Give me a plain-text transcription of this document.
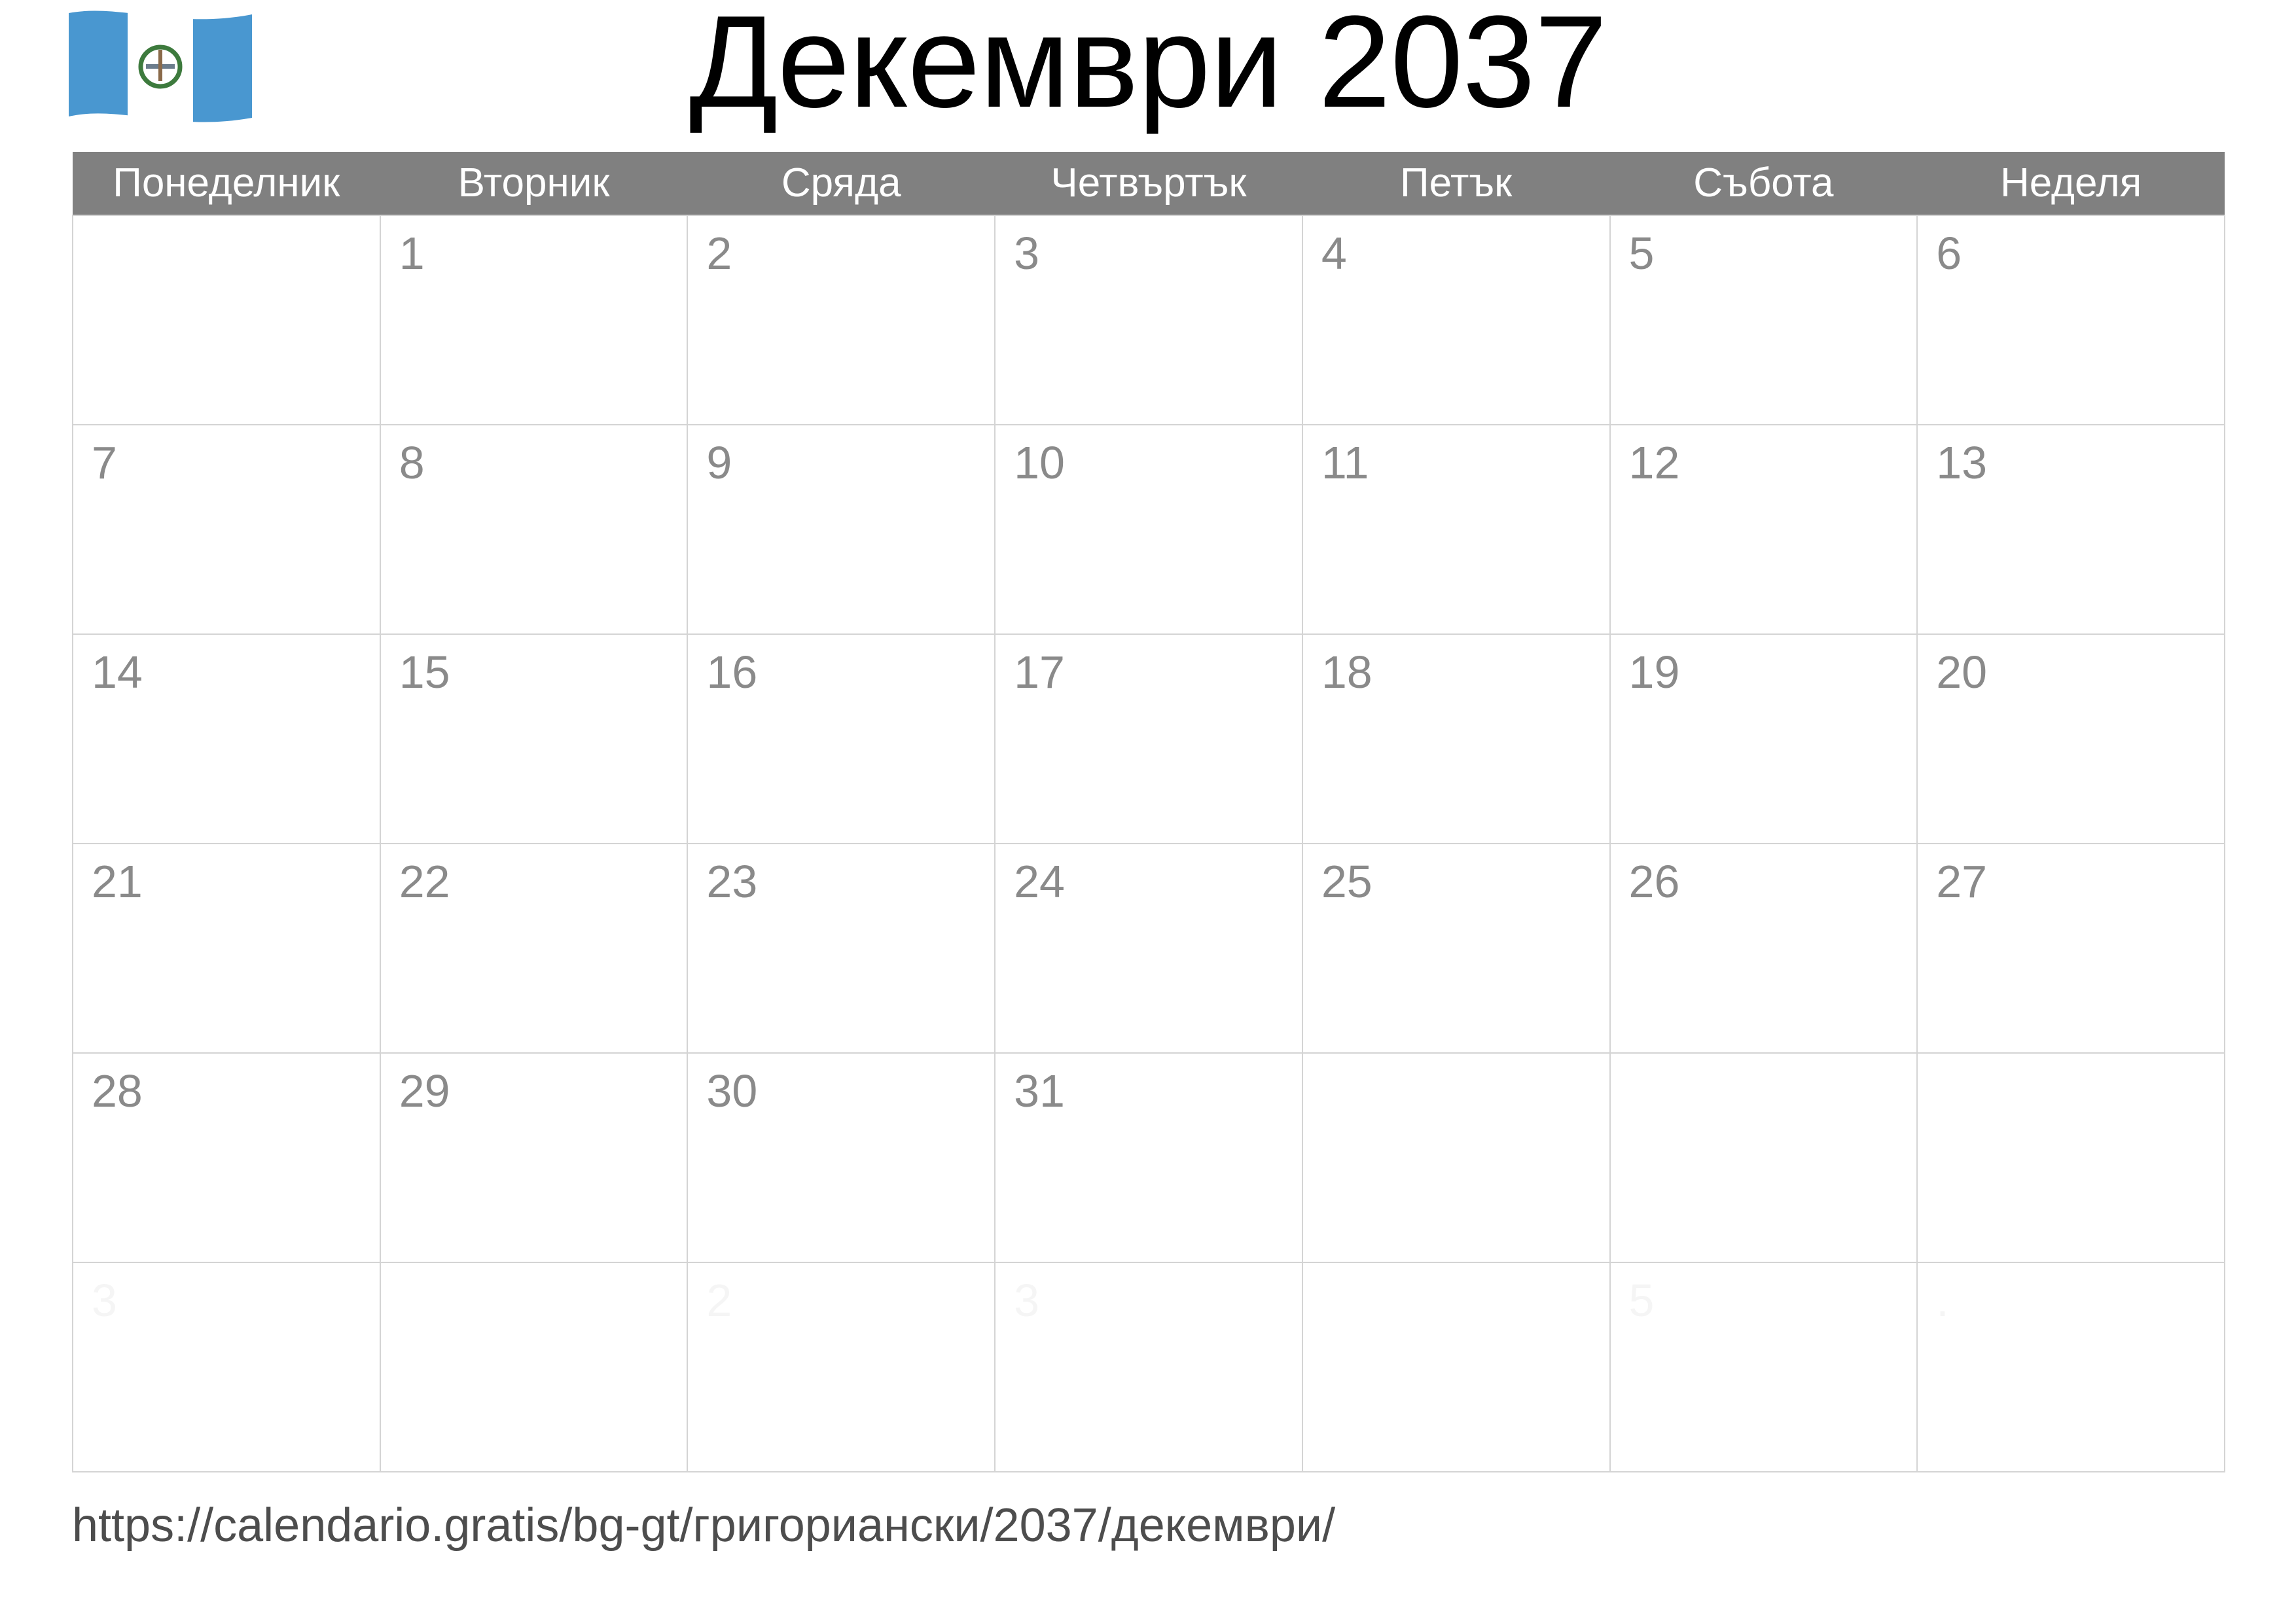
Декември 2037
Понеделник	Вторник	Сряда	Четвъртък	Петък	Събота	Неделя

	1	2	3	4	5	6

7	8	9	10	11	12	13

14	15	16	17	18	19	20

21	22	23	24	25	26	27

28	29	30	31			

3		2	3		5	.
https://calendario.gratis/bg-gt/григориански/2037/декември/
